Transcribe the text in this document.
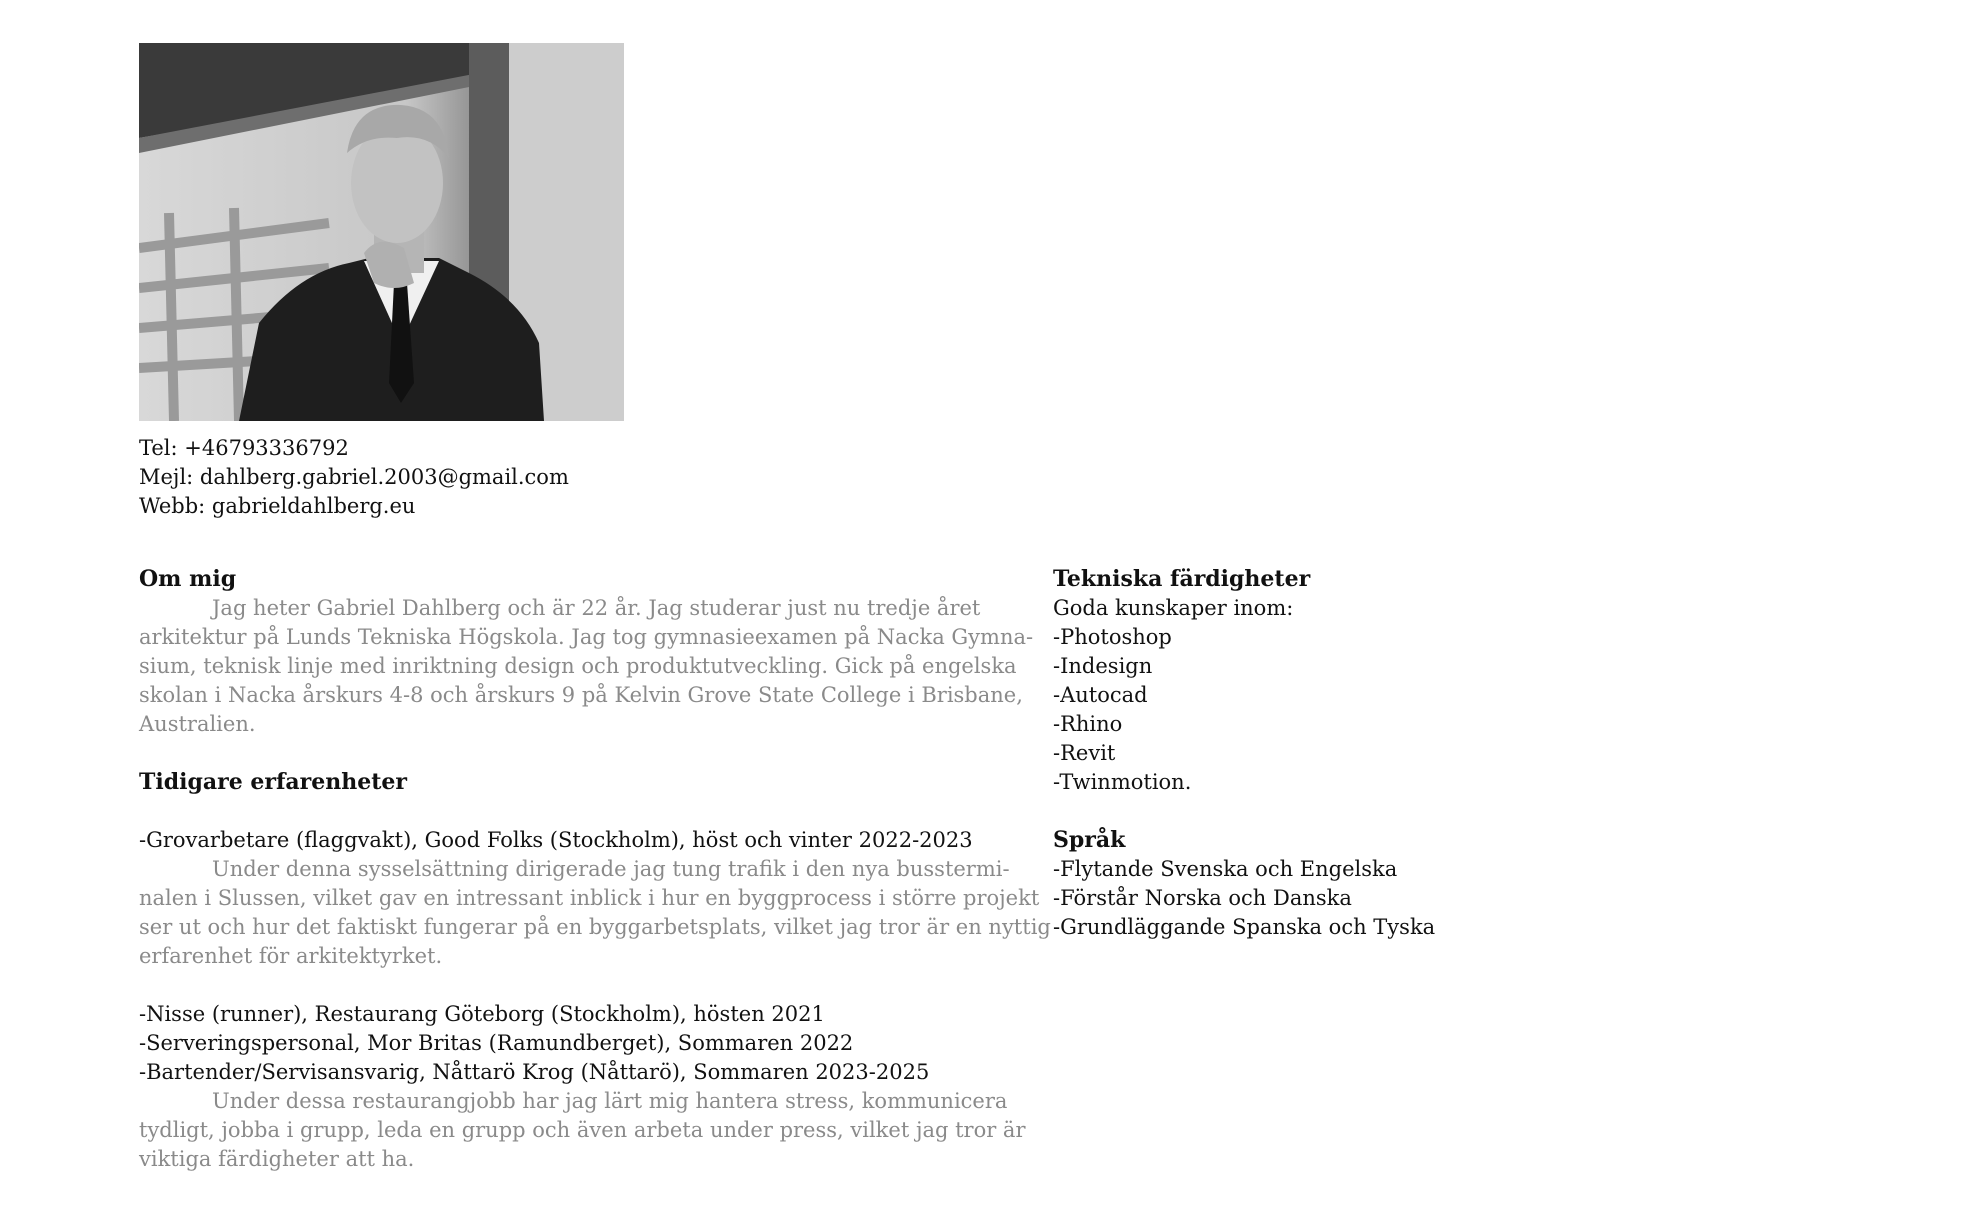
Tel: +46793336792
Mejl: dahlberg.gabriel.2003@gmail.com
Webb: gabrieldahlberg.eu
Om mig
Jag heter Gabriel Dahlberg och är 22 år. Jag studerar just nu tredje året
arkitektur på Lunds Tekniska Högskola. Jag tog gymnasieexamen på Nacka Gymna-
sium, teknisk linje med inriktning design och produktutveckling. Gick på engelska
skolan i Nacka årskurs 4-8 och årskurs 9 på Kelvin Grove State College i Brisbane,
Australien.
Tidigare erfarenheter
-Grovarbetare (flaggvakt), Good Folks (Stockholm), höst och vinter 2022-2023
Under denna sysselsättning dirigerade jag tung trafik i den nya busstermi-
nalen i Slussen, vilket gav en intressant inblick i hur en byggprocess i större projekt
ser ut och hur det faktiskt fungerar på en byggarbetsplats, vilket jag tror är en nyttig
erfarenhet för arkitektyrket.
-Nisse (runner), Restaurang Göteborg (Stockholm), hösten 2021
-Serveringspersonal, Mor Britas (Ramundberget), Sommaren 2022
-Bartender/Servisansvarig, Nåttarö Krog (Nåttarö), Sommaren 2023-2025
Under dessa restaurangjobb har jag lärt mig hantera stress, kommunicera
tydligt, jobba i grupp, leda en grupp och även arbeta under press, vilket jag tror är
viktiga färdigheter att ha.
Tekniska färdigheter
Goda kunskaper inom:
-Photoshop
-Indesign
-Autocad
-Rhino
-Revit
-Twinmotion.
Språk
-Flytande Svenska och Engelska
-Förstår Norska och Danska
-Grundläggande Spanska och Tyska
